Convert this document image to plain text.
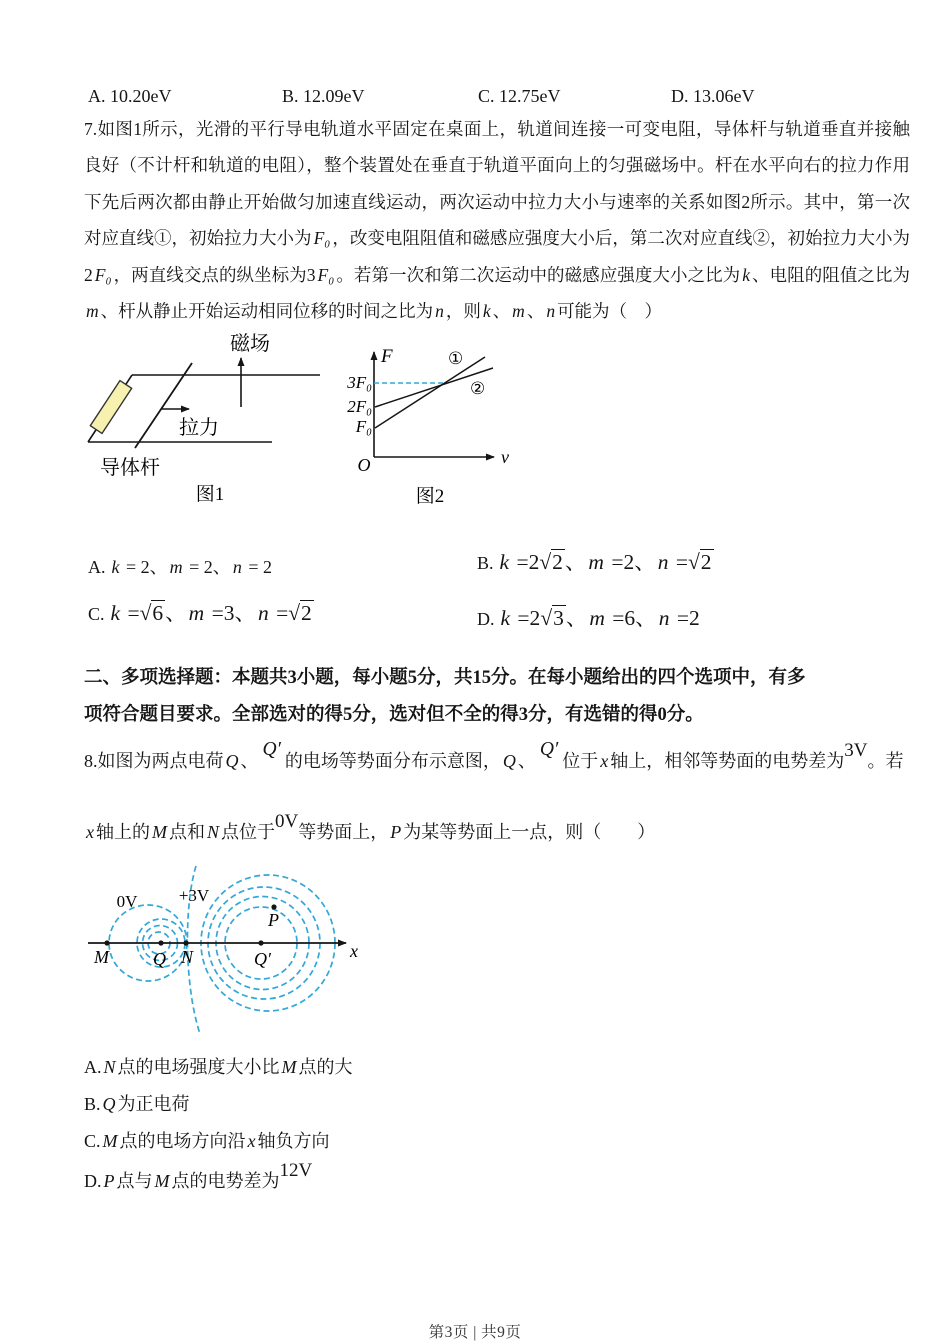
A. 10.20eV	B. 12.09eV	C. 12.75eV	D. 13.06eV
7.如图1所示，光滑的平行导电轨道水平固定在桌面上，轨道间连接一可变电阻，导体杆与轨道垂直并接触良好（不计杆和轨道的电阻），整个装置处在垂直于轨道平面向上的匀强磁场中。杆在水平向右的拉力作用下先后两次都由静止开始做匀加速直线运动，两次运动中拉力大小与速率的关系如图2所示。其中，第一次对应直线①，初始拉力大小为 F₀ ，改变电阻阻值和磁感应强度大小后，第二次对应直线②，初始拉力大小为2 F₀ ，两直线交点的纵坐标为3 F₀ 。若第一次和第二次运动中的磁感应强度大小之比为 k 、电阻的阻值之比为m 、杆从静止开始运动相同位移的时间之比为 n ，则 k 、 m 、 n 可能为（　）
磁场
拉力
导体杆
图1
F
v
O
3F₀
2F₀
F₀
①
②
图2
A. k = 2、 m = 2、 n = 2	B. k =2√2、m =2、n =√2
C. k =√6、m =3、n =√2	D. k =2√3、m =6、n =2
二、多项选择题：本题共3小题，每小题5分，共15分。在每小题给出的四个选项中，有多
项符合题目要求。全部选对的得5分，选对但不全的得3分，有选错的得0分。
8.如图为两点电荷 Q 、Q′的电场等势面分布示意图， Q 、Q′位于 x 轴上，相邻等势面的电势差为3V。若
x 轴上的 M 点和 N 点位于0V等势面上， P 为某等势面上一点，则（　　）
0V +3V
M Q N	Q′
P
x
A. N 点的电场强度大小比 M 点的大
B. Q 为正电荷
C. M 点的电场方向沿 x 轴负方向
D. P 点与 M 点的电势差为12V
第3页 | 共9页
